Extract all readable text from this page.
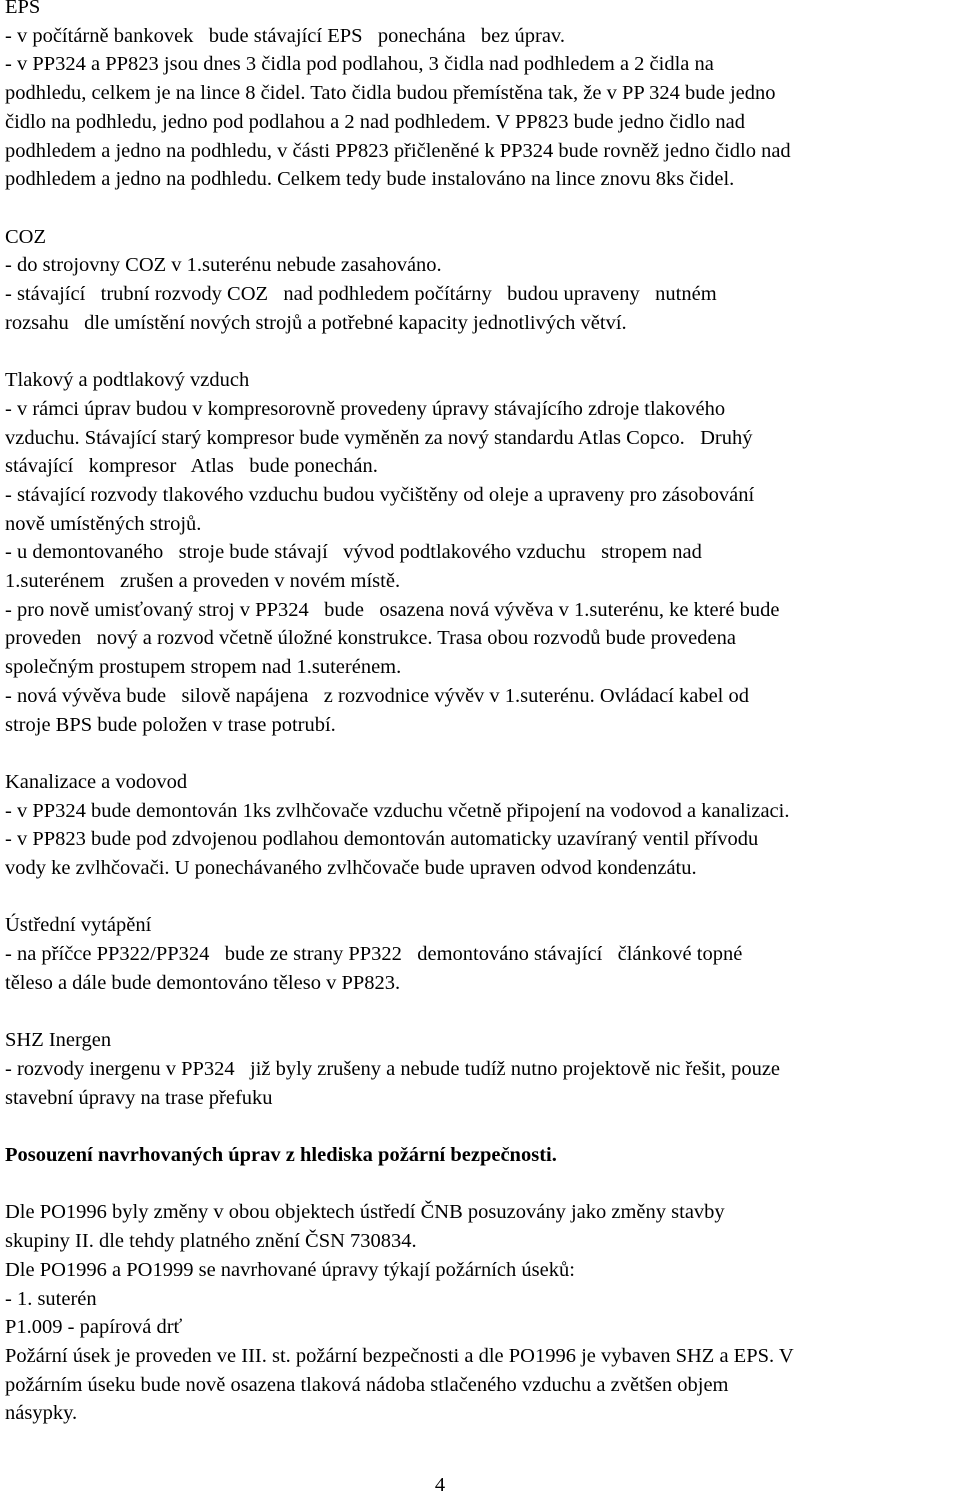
EPS
- v počítárně bankovek   bude stávající EPS   ponechána   bez úprav.
- v PP324 a PP823 jsou dnes 3 čidla pod podlahou, 3 čidla nad podhledem a 2 čidla na
podhledu, celkem je na lince 8 čidel. Tato čidla budou přemístěna tak, že v PP 324 bude jedno
čidlo na podhledu, jedno pod podlahou a 2 nad podhledem. V PP823 bude jedno čidlo nad
podhledem a jedno na podhledu, v části PP823 přičleněné k PP324 bude rovněž jedno čidlo nad
podhledem a jedno na podhledu. Celkem tedy bude instalováno na lince znovu 8ks čidel.
COZ
- do strojovny COZ v 1.suterénu nebude zasahováno.
- stávající   trubní rozvody COZ   nad podhledem počítárny   budou upraveny   nutném
rozsahu   dle umístění nových strojů a potřebné kapacity jednotlivých větví.
Tlakový a podtlakový vzduch
- v rámci úprav budou v kompresorovně provedeny úpravy stávajícího zdroje tlakového
vzduchu. Stávající starý kompresor bude vyměněn za nový standardu Atlas Copco.   Druhý
stávající   kompresor   Atlas   bude ponechán.
- stávající rozvody tlakového vzduchu budou vyčištěny od oleje a upraveny pro zásobování
nově umístěných strojů.
- u demontovaného   stroje bude stávají   vývod podtlakového vzduchu   stropem nad
1.suterénem   zrušen a proveden v novém místě.
- pro nově umisťovaný stroj v PP324   bude   osazena nová vývěva v 1.suterénu, ke které bude
proveden   nový a rozvod včetně úložné konstrukce. Trasa obou rozvodů bude provedena
společným prostupem stropem nad 1.suterénem.
- nová vývěva bude   silově napájena   z rozvodnice vývěv v 1.suterénu. Ovládací kabel od
stroje BPS bude položen v trase potrubí.
Kanalizace a vodovod
- v PP324 bude demontován 1ks zvlhčovače vzduchu včetně připojení na vodovod a kanalizaci.
- v PP823 bude pod zdvojenou podlahou demontován automaticky uzavíraný ventil přívodu
vody ke zvlhčovači. U ponechávaného zvlhčovače bude upraven odvod kondenzátu.
Ústřední vytápění
- na příčce PP322/PP324   bude ze strany PP322   demontováno stávající   článkové topné
těleso a dále bude demontováno těleso v PP823.
SHZ Inergen
- rozvody inergenu v PP324   již byly zrušeny a nebude tudíž nutno projektově nic řešit, pouze
stavební úpravy na trase přefuku
Posouzení navrhovaných úprav z hlediska požární bezpečnosti.
Dle PO1996 byly změny v obou objektech ústředí ČNB posuzovány jako změny stavby
skupiny II. dle tehdy platného znění ČSN 730834.
Dle PO1996 a PO1999 se navrhované úpravy týkají požárních úseků:
- 1. suterén
P1.009 - papírová drť
Požární úsek je proveden ve III. st. požární bezpečnosti a dle PO1996 je vybaven SHZ a EPS. V
požárním úseku bude nově osazena tlaková nádoba stlačeného vzduchu a zvětšen objem
násypky.
4
